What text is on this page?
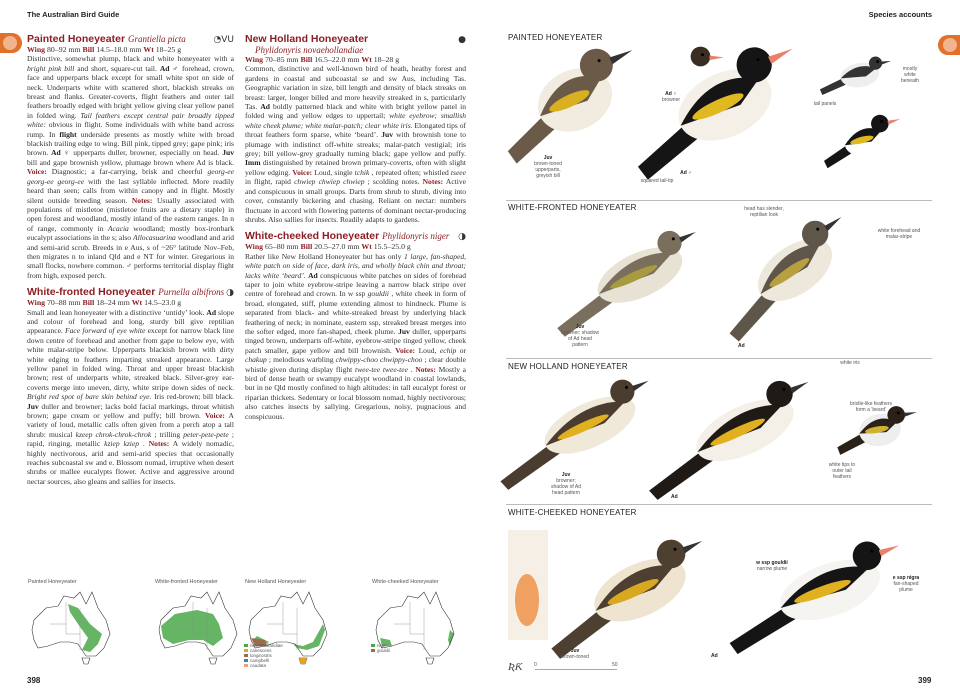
The Australian Bird Guide	Species accounts
Painted Honeyeater Grantiella picta	◔VU
Wing 80–92 mm Bill 14.5–18.0 mm Wt 18–25 g
Distinctive, somewhat plump, black and white honeyeater with a bright pink bill and short, square-cut tail. Ad ♂ forehead, crown, face and upperparts black except for small white spot on side of neck. Underparts white with scattered short, blackish streaks on breast and flanks. Greater-coverts, flight feathers and outer tail feathers broadly edged with bright yellow giving clear yellow panel in folded wing. Tail feathers except central pair broadly tipped white: obvious in flight. Some individuals with white band across rump. In flight underside presents as mostly white with broad blackish trailing edge to wing. Bill pink, tipped grey; gape pink; iris brown. Ad ♀ upperparts duller, browner, especially on head. Juv bill and gape brownish yellow, plumage brown where Ad is black. Voice: Diagnostic; a far-carrying, brisk and cheerful georg-ee georg-ee georg-ee with the last syllable inflected. More readily heard than seen; calls from within canopy and in flight. Mostly silent outside breeding season. Notes: Usually associated with populations of mistletoe (mistletoe fruits are a dietary staple) in open forest and woodland, mostly inland of the eastern ranges. In n of range, commonly in Acacia woodland; mostly box-ironbark eucalypt associations in the s; also Allocasuarina woodland and arid and semi-arid scrub. Breeds in e Aus, s of ~26° latitude Nov–Feb, then migrates n to inland Qld and e NT for winter. Gregarious in small flocks, nowhere common. ♂ performs territorial display flight from high, exposed perch.
White-fronted Honeyeater Purnella albifrons ◑
Wing 70–88 mm Bill 18–24 mm Wt 14.5–23.0 g
Small and lean honeyeater with a distinctive ‘untidy’ look. Ad slope and colour of forehead and long, sturdy bill give reptilian appearance. Face forward of eye white except for narrow black line down centre of forehead and another from gape to below eye, with white malar-stripe below. Upperparts blackish brown with dirty white edging to feathers imparting streaked appearance. Large yellow panel in folded wing. Throat and upper breast blackish brown; rest of underparts white, streaked black. Silver-grey ear-coverts merge into uneven, dirty, white stripe down sides of neck. Bright red spot of bare skin behind eye. Iris red-brown; bill black. Juv duller and browner; lacks bold facial markings, throat whitish brown; gape cream or yellow and puffy; bill brown. Voice: A variety of loud, metallic calls often given from a perch atop a tall shrub: musical kzeep chrok-chrok-chrok ; trilling peter-pete-pete ; rapid, ringing, metallic kziep kziep . Notes: A widely nomadic, highly nectivorous, arid and semi-arid species that occasionally reaches subcoastal sw and e. Blossom nomad, irruptive when desert shrubs or mallee eucalypts flower. Active and aggressive around nectar sources, also gleans and sallies for insects.
New Holland Honeyeater
Phylidonyris novaehollandiae
●
Wing 70–85 mm Bill 16.5–22.0 mm Wt 18–28 g
Common, distinctive and well-known bird of heath, heathy forest and gardens in coastal and subcoastal se and sw Aus, including Tas. Geographic variation in size, bill length and density of black streaks on breast: larger, longer billed and more heavily streaked in s, particularly Tas. Ad boldly patterned black and white with bright yellow panel in folded wing and yellow edges to uppertail; white eyebrow; smallish white cheek plume; white malar-patch; clear white iris. Elongated tips of throat feathers form sparse, white ‘beard’. Juv with brownish tone to plumage with indistinct off-white streaks; malar-patch vestigial; iris grey; bill yellow-grey gradually turning black; gape yellow and puffy. Imm distinguished by retained brown primary-coverts, often with slight yellow edging. Voice: Loud, single tchik , repeated often; whistled tseee in flight, rapid chwiep chwiep chwiep ; scolding notes. Notes: Active and conspicuous in small groups. Darts from shrub to shrub, diving into cover, constantly bickering and chasing. Reliant on nectar: numbers fluctuate in accord with flowering patterns of dominant nectar-producing shrubs. Also sallies for insects. Readily adapts to gardens.
White-cheeked Honeyeater Phylidonyris niger ◑
Wing 65–80 mm Bill 20.5–27.0 mm Wt 15.5–25.0 g
Rather like New Holland Honeyeater but has only 1 large, fan-shaped, white patch on side of face, dark iris, and wholly black chin and throat; lacks white ‘beard’. Ad conspicuous white patches on sides of forehead taper to join white eyebrow-stripe leaving a narrow black stripe over centre of forehead and crown. In w ssp gouldii , white cheek in form of broad, elongated, stiff, plume extending almost to hindneck. Plume is separated from black- and white-streaked breast by underlying black feathering of neck; in nominate, eastern ssp, streaked breast merges into the softer edged, more fan-shaped, cheek plume. Juv duller, upperparts tinged brown, underparts off-white, eyebrow-stripe tinged yellow, cheek patch smaller, gape yellow and bill brownish. Voice: Loud, echip or chakup ; melodious warbling chwippy-choo chwippy-choo ; clear double whistle given during display flight twee-tee twee-tee . Notes: Mostly a bird of dense heath or swampy eucalypt woodland in coastal lowlands, but in ne Qld mostly confined to high altitudes: in tall eucalypt forest or riparian thickets. Sedentary or local blossom nomad, highly nectivorous; also catches insects by sallying. Gregarious, noisy, pugnacious and conspicuous.
Painted Honeyeater	White-fronted Honeyeater	New Holland Honeyeater
novaehollandiae
canescens
longirostris
campbelli
caudata
White-cheeked Honeyeater
niger
gouldii
398	399
PAINTED HONEYEATER
WHITE-FRONTED HONEYEATER
NEW HOLLAND HONEYEATER
WHITE-CHEEKED HONEYEATER
Juv
brown-toned upperparts, greyish bill
Ad ♀
browner
Ad ♂
squared tail-tip
tail panels
mostly white beneath
head has slender, reptilian look
white forehead and malar-stripe
Juv
browner; shadow of Ad head pattern	Ad
white iris
bristle-like feathers form a ‘beard’
white tips to outer tail feathers
Juv
browner; shadow of Ad head pattern
Ad
w ssp gouldii
narrow plume
e ssp nigra
fan-shaped plume
Juv
brown-toned	Ad
0	50
ƦƘ
